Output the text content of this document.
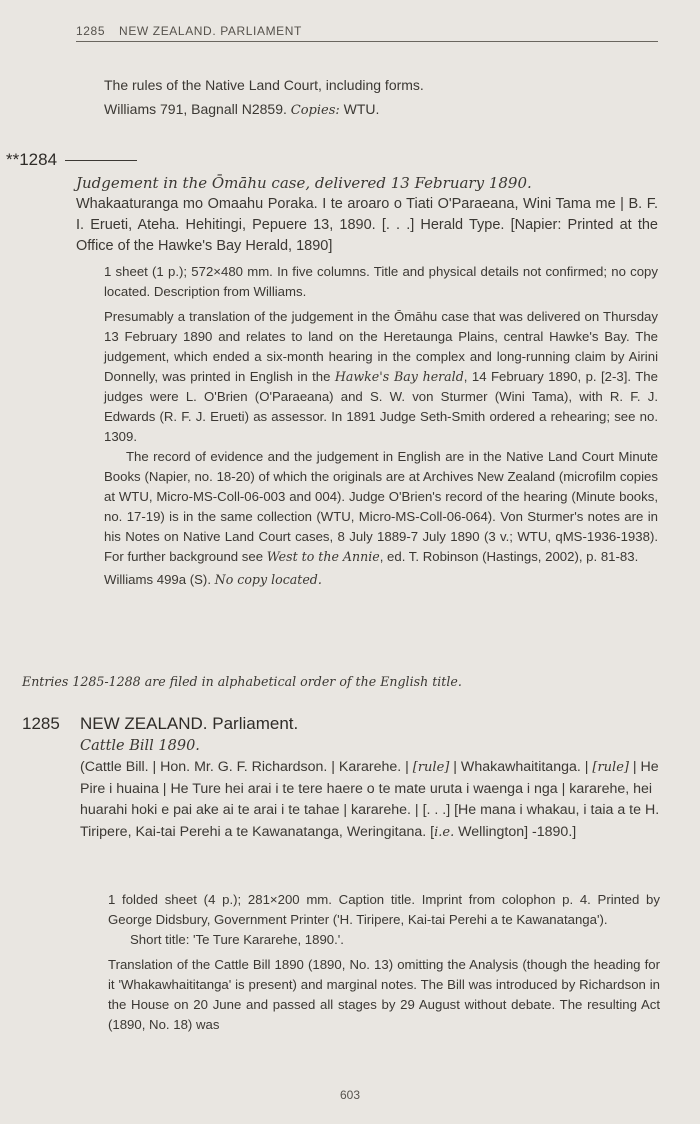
1285 NEW ZEALAND. PARLIAMENT

The rules of the Native Land Court, including forms.

Williams 791, Bagnall N2859. Copies: WTU.

**1284

Judgement in the Ōmāhu case, delivered 13 February 1890.

Whakaaturanga mo Omaahu Poraka. I te aroaro o Tiati O'Paraeana, Wini Tama me | B. F. I. Erueti, Ateha. Hehitingi, Pepuere 13, 1890. [. . .] Herald Type. [Napier: Printed at the Office of the Hawke's Bay Herald, 1890]

1 sheet (1 p.); 572×480 mm. In five columns. Title and physical details not confirmed; no copy located. Description from Williams.

Presumably a translation of the judgement in the Ōmāhu case that was delivered on Thursday 13 February 1890 and relates to land on the Heretaunga Plains, central Hawke's Bay. The judgement, which ended a six-month hearing in the complex and long-running claim by Airini Donnelly, was printed in English in the Hawke's Bay herald, 14 February 1890, p. [2-3]. The judges were L. O'Brien (O'Paraeana) and S. W. von Sturmer (Wini Tama), with R. F. J. Edwards (R. F. J. Erueti) as assessor. In 1891 Judge Seth-Smith ordered a rehearing; see no. 1309.

The record of evidence and the judgement in English are in the Native Land Court Minute Books (Napier, no. 18-20) of which the originals are at Archives New Zealand (microfilm copies at WTU, Micro-MS-Coll-06-003 and 004). Judge O'Brien's record of the hearing (Minute books, no. 17-19) is in the same collection (WTU, Micro-MS-Coll-06-064). Von Sturmer's notes are in his Notes on Native Land Court cases, 8 July 1889-7 July 1890 (3 v.; WTU, qMS-1936-1938). For further background see West to the Annie, ed. T. Robinson (Hastings, 2002), p. 81-83.

Williams 499a (S). No copy located.

Entries 1285-1288 are filed in alphabetical order of the English title.
1285 NEW ZEALAND. Parliament.

Cattle Bill 1890.

(Cattle Bill. | Hon. Mr. G. F. Richardson. | Kararehe. | [rule] | Whakawhaititanga. | [rule] | He Pire i huaina | He Ture hei arai i te tere haere o te mate uruta i waenga i nga | kararehe, hei huarahi hoki e pai ake ai te arai i te tahae | kararehe. | [. . .] [He mana i whakau, i taia a te H. Tiripere, Kai-tai Perehi a te Kawanatanga, Weringitana. [i.e. Wellington] -1890.]

1 folded sheet (4 p.); 281×200 mm. Caption title. Imprint from colophon p. 4. Printed by George Didsbury, Government Printer ('H. Tiripere, Kai-tai Perehi a te Kawanatanga').

Short title: 'Te Ture Kararehe, 1890.'.

Translation of the Cattle Bill 1890 (1890, No. 13) omitting the Analysis (though the heading for it 'Whakawhaititanga' is present) and marginal notes. The Bill was introduced by Richardson in the House on 20 June and passed all stages by 29 August without debate. The resulting Act (1890, No. 18) was

603
